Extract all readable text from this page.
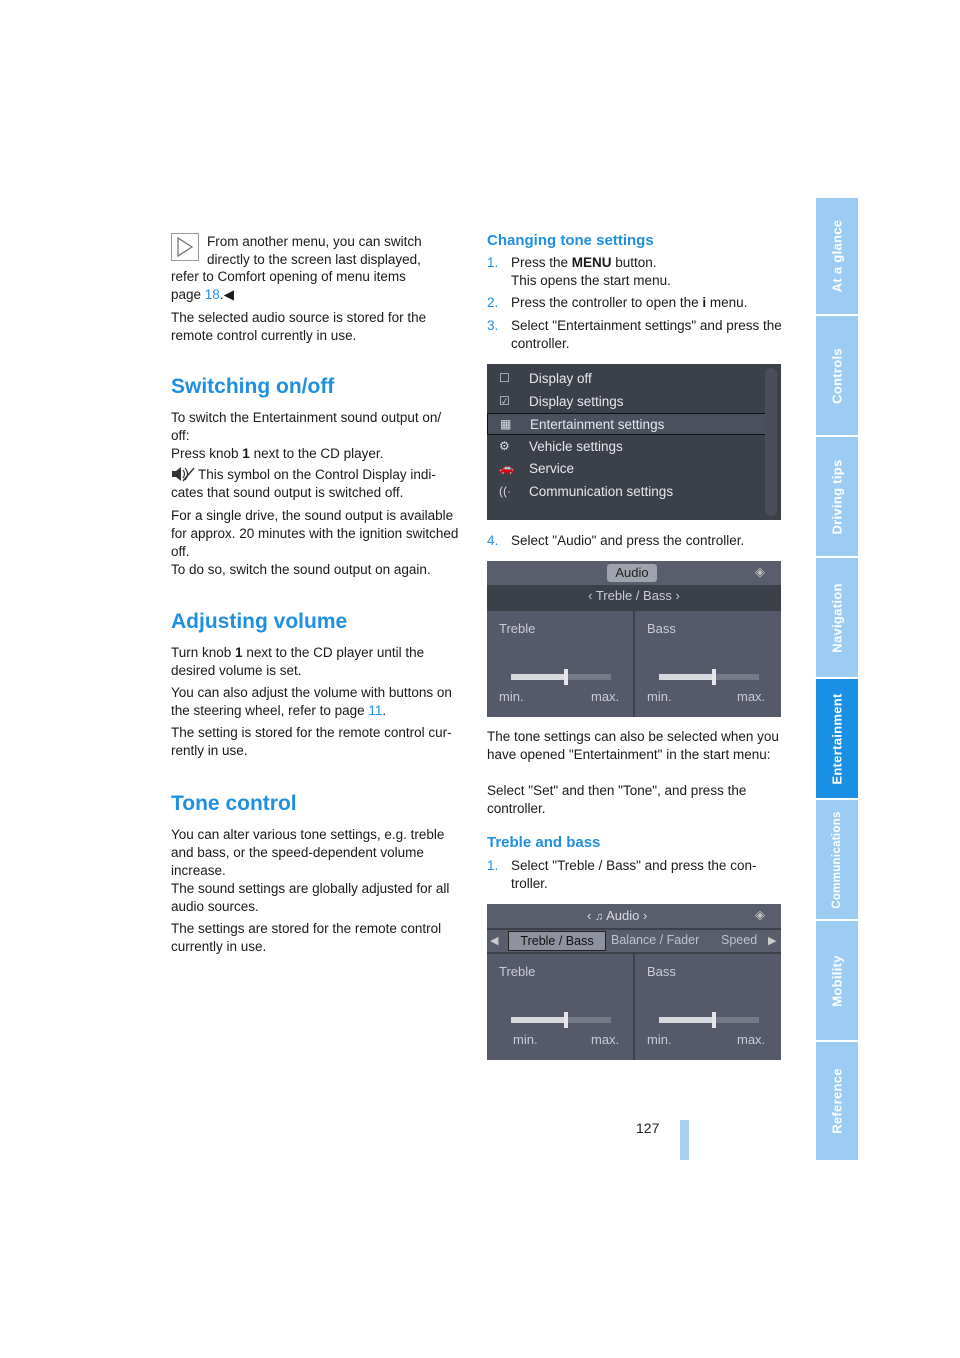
From another menu, you can switch

directly to the screen last displayed,

refer to Comfort opening of menu items

page 18.◀

The selected audio source is stored for the remote control currently in use.

Switching on/off

To switch the Entertainment sound output on/

off:

Press knob 1 next to the CD player.

This symbol on the Control Display indi-

cates that sound output is switched off.

For a single drive, the sound output is available for approx. 20 minutes with the ignition switched off.

To do so, switch the sound output on again.

Adjusting volume

Turn knob 1 next to the CD player until the desired volume is set.

You can also adjust the volume with buttons on the steering wheel, refer to page 11.

The setting is stored for the remote control cur-rently in use.

Tone control

You can alter various tone settings, e.g. treble and bass, or the speed-dependent volume increase.

The sound settings are globally adjusted for all audio sources.

The settings are stored for the remote control currently in use.

Changing tone settings
1. Press the MENU button.
This opens the start menu.
2. Press the controller to open the i menu.
3. Select "Entertainment settings" and press the controller.
☐	Display off
☑	Display settings
▦	Entertainment settings
⚙	Vehicle settings
🚗 Service
((·	Communication settings
4. Select "Audio" and press the controller.
Audio	◈
‹ Treble / Bass ›
Treble	Bass
min.	max. min.	max.

The tone settings can also be selected when you have opened "Entertainment" in the start menu:

Select "Set" and then "Tone", and press the controller.

Treble and bass
1. Select "Treble / Bass" and press the con-troller.
‹ ♫ Audio ›	◈
◀	Treble / Bass	Balance / Fader Speed ▶
Treble	Bass
min.	max. min.	max.
At a glance
Controls
Driving tips
Navigation
Entertainment
Communications
Mobility
Reference
127
